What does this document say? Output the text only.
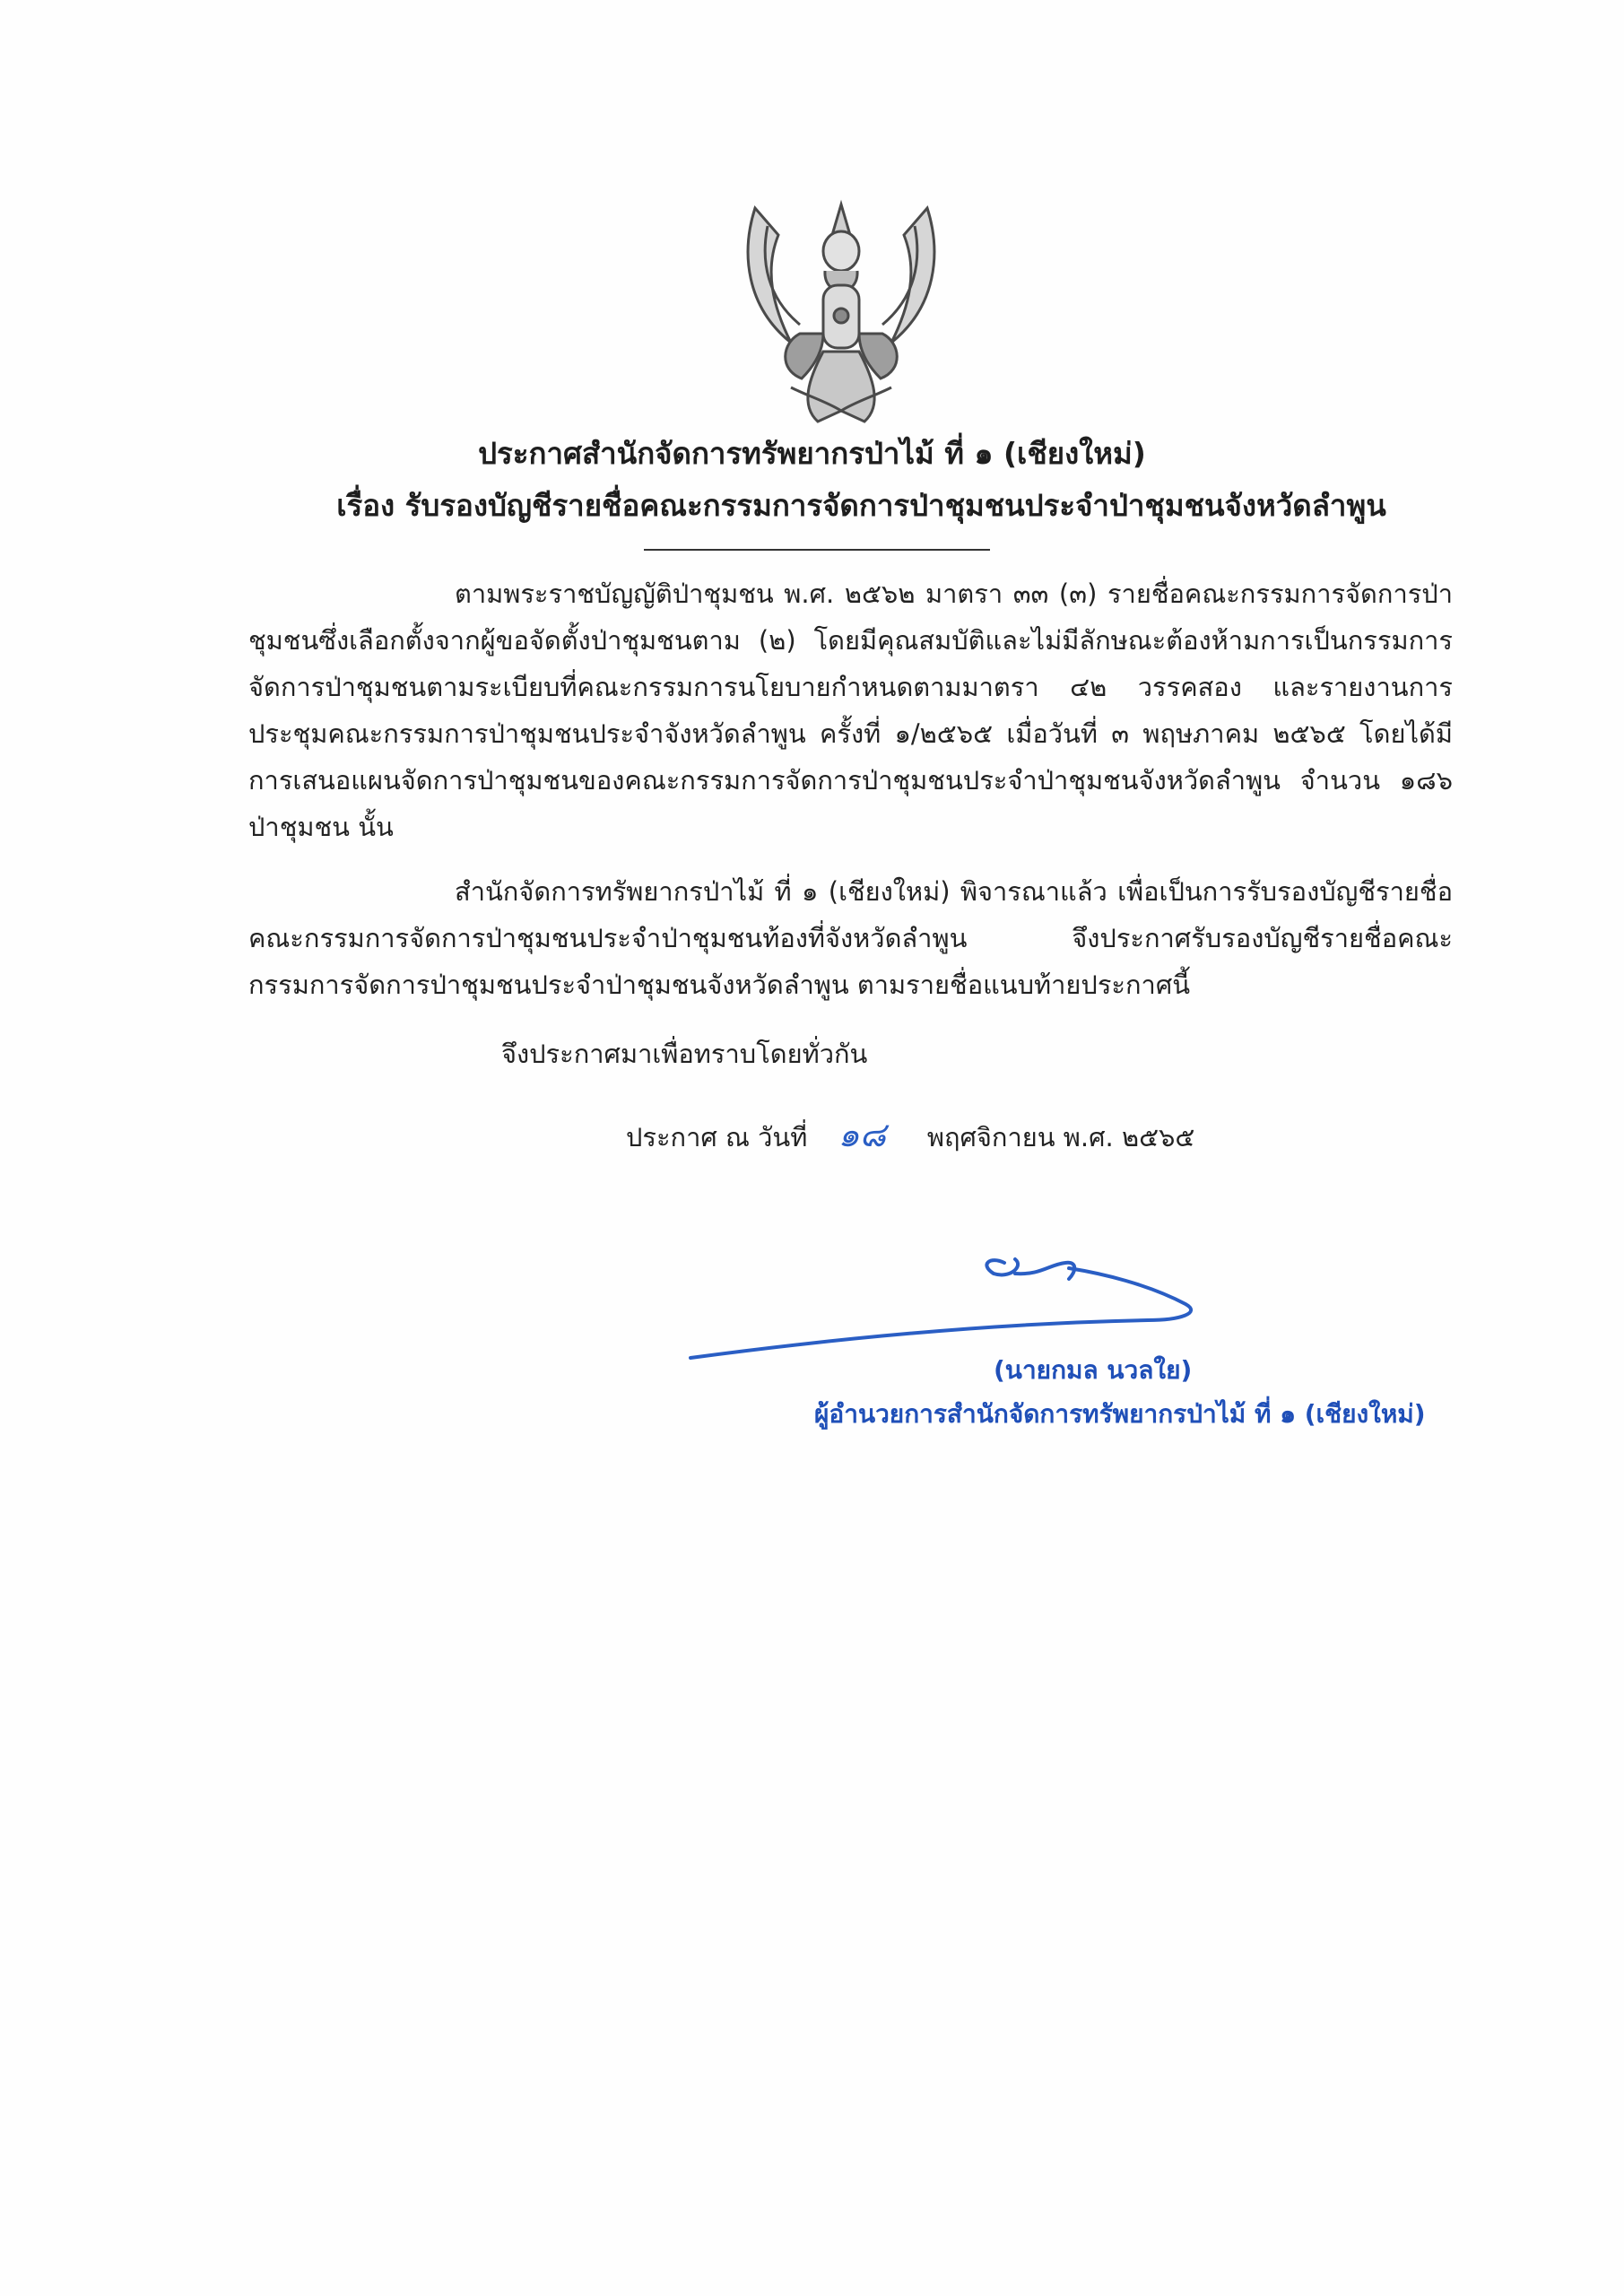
ประกาศสำนักจัดการทรัพยากรป่าไม้ ที่ ๑ (เชียงใหม่)
เรื่อง รับรองบัญชีรายชื่อคณะกรรมการจัดการป่าชุมชนประจำป่าชุมชนจังหวัดลำพูน
ตามพระราชบัญญัติป่าชุมชน พ.ศ. ๒๕๖๒ มาตรา ๓๓ (๓) รายชื่อคณะกรรมการจัดการป่าชุมชนซึ่งเลือกตั้งจากผู้ขอจัดตั้งป่าชุมชนตาม (๒) โดยมีคุณสมบัติและไม่มีลักษณะต้องห้ามการเป็นกรรมการจัดการป่าชุมชนตามระเบียบที่คณะกรรมการนโยบายกำหนดตามมาตรา ๔๒ วรรคสอง และรายงานการประชุมคณะกรรมการป่าชุมชนประจำจังหวัดลำพูน ครั้งที่ ๑/๒๕๖๕ เมื่อวันที่ ๓ พฤษภาคม ๒๕๖๕ โดยได้มีการเสนอแผนจัดการป่าชุมชนของคณะกรรมการจัดการป่าชุมชนประจำป่าชุมชนจังหวัดลำพูน จำนวน ๑๘๖ ป่าชุมชน นั้น
สำนักจัดการทรัพยากรป่าไม้ ที่ ๑ (เชียงใหม่) พิจารณาแล้ว เพื่อเป็นการรับรองบัญชีรายชื่อคณะกรรมการจัดการป่าชุมชนประจำป่าชุมชนท้องที่จังหวัดลำพูน จึงประกาศรับรองบัญชีรายชื่อคณะกรรมการจัดการป่าชุมชนประจำป่าชุมชนจังหวัดลำพูน ตามรายชื่อแนบท้ายประกาศนี้
จึงประกาศมาเพื่อทราบโดยทั่วกัน
ประกาศ ณ วันที่ ๑๘ พฤศจิกายน พ.ศ. ๒๕๖๕
(นายกมล นวลใย)
ผู้อำนวยการสำนักจัดการทรัพยากรป่าไม้ ที่ ๑ (เชียงใหม่)
